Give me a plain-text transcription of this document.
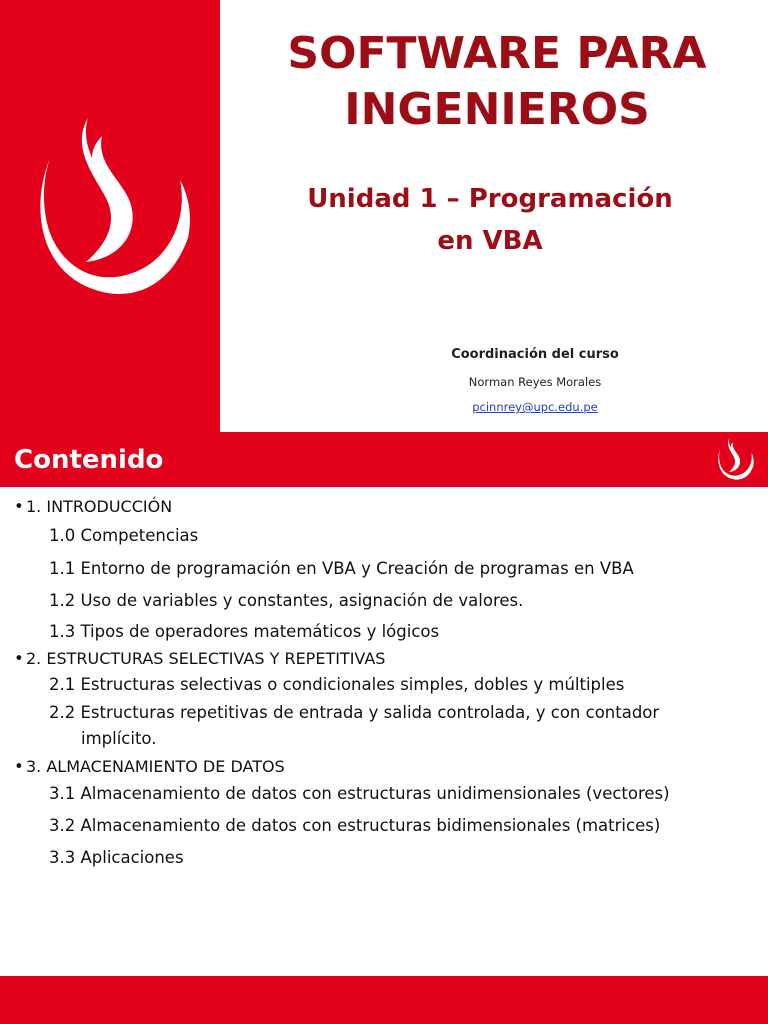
SOFTWARE PARA
INGENIEROS
Unidad 1 – Programación
en VBA
Coordinación del curso
Norman Reyes Morales
pcinnrey@upc.edu.pe
Contenido
• 1. INTRODUCCIÓN
1.0 Competencias
1.1 Entorno de programación en VBA y Creación de programas en VBA
1.2 Uso de variables y constantes, asignación de valores.
1.3 Tipos de operadores matemáticos y lógicos
• 2. ESTRUCTURAS SELECTIVAS Y REPETITIVAS
2.1 Estructuras selectivas o condicionales simples, dobles y múltiples
2.2 Estructuras repetitivas de entrada y salida controlada, y con contador
implícito.
• 3. ALMACENAMIENTO DE DATOS
3.1 Almacenamiento de datos con estructuras unidimensionales (vectores)
3.2 Almacenamiento de datos con estructuras bidimensionales (matrices)
3.3 Aplicaciones
